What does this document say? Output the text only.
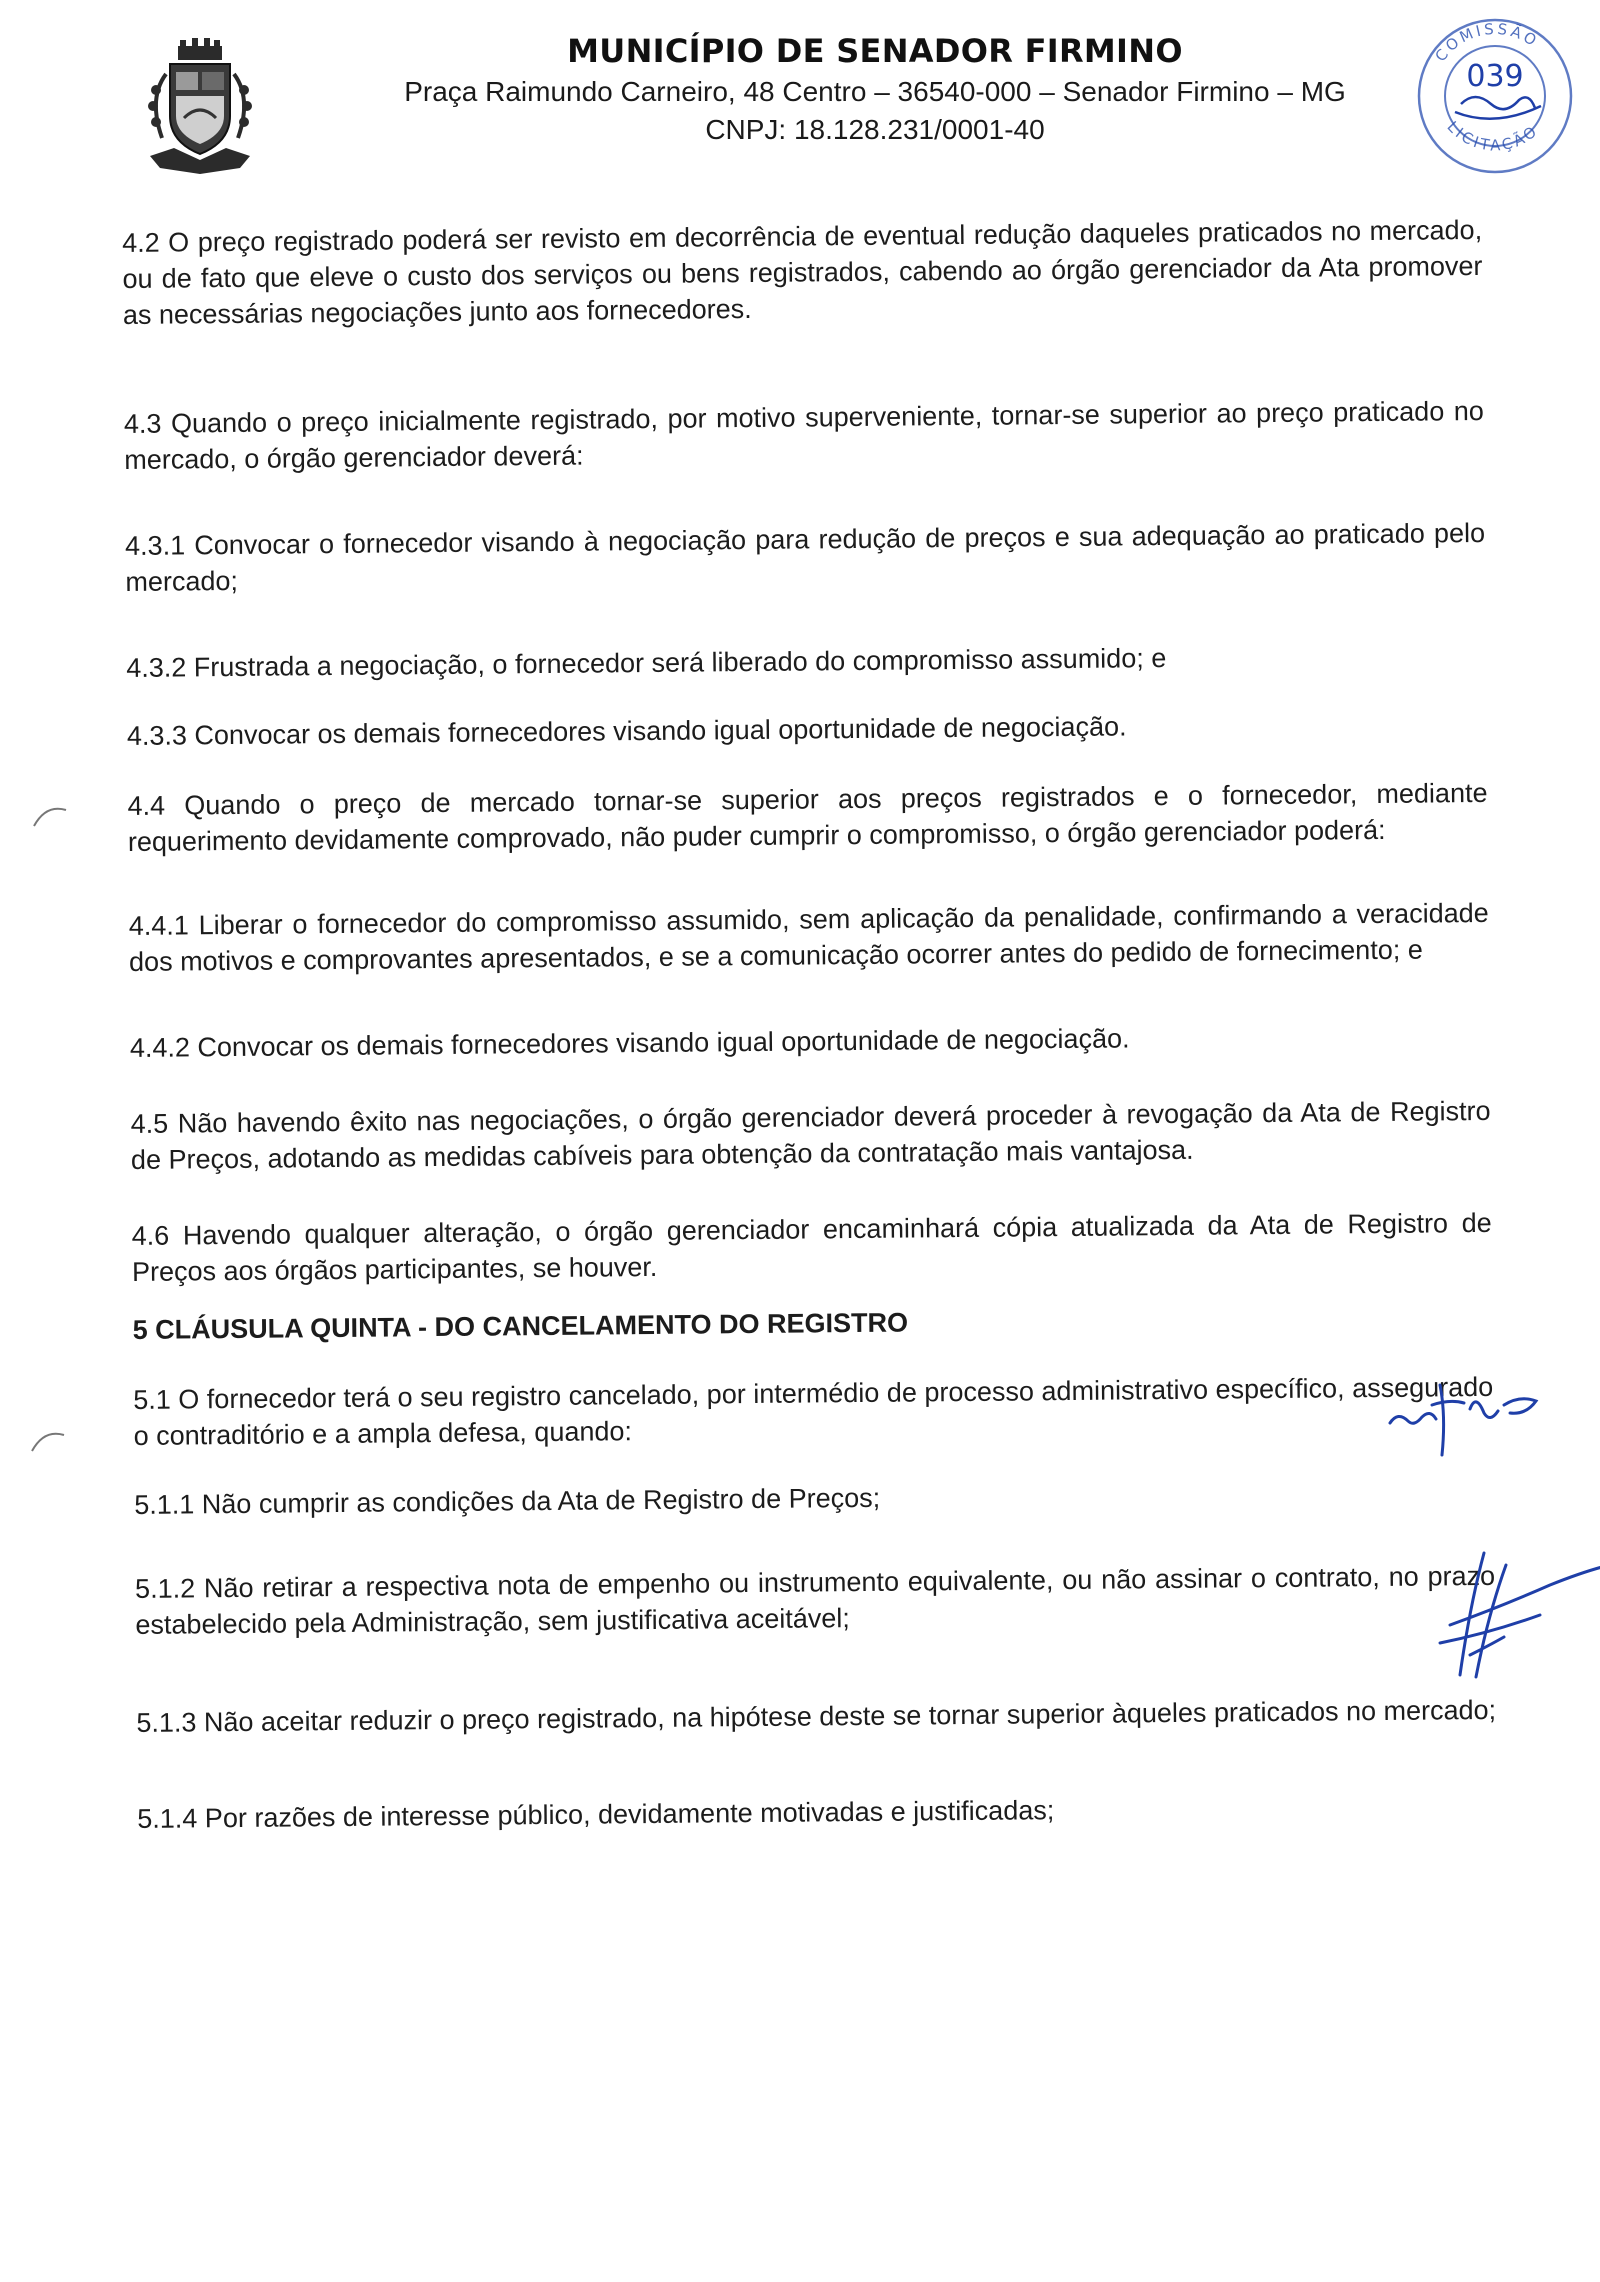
MUNICÍPIO DE SENADOR FIRMINO
Praça Raimundo Carneiro, 48 Centro – 36540-000 – Senador Firmino – MG
CNPJ: 18.128.231/0001-40
COMISSÃO
LICITAÇÃO
039

4.2 O preço registrado poderá ser revisto em decorrência de eventual redução daqueles praticados no mercado, ou de fato que eleve o custo dos serviços ou bens registrados, cabendo ao órgão gerenciador da Ata promover as necessárias negociações junto aos fornecedores.

4.3 Quando o preço inicialmente registrado, por motivo superveniente, tornar-se superior ao preço praticado no mercado, o órgão gerenciador deverá:

4.3.1 Convocar o fornecedor visando à negociação para redução de preços e sua adequação ao praticado pelo mercado;

4.3.2 Frustrada a negociação, o fornecedor será liberado do compromisso assumido; e

4.3.3 Convocar os demais fornecedores visando igual oportunidade de negociação.

4.4 Quando o preço de mercado tornar-se superior aos preços registrados e o fornecedor, mediante requerimento devidamente comprovado, não puder cumprir o compromisso, o órgão gerenciador poderá:

4.4.1 Liberar o fornecedor do compromisso assumido, sem aplicação da penalidade, confirmando a veracidade dos motivos e comprovantes apresentados, e se a comunicação ocorrer antes do pedido de fornecimento; e

4.4.2 Convocar os demais fornecedores visando igual oportunidade de negociação.

4.5 Não havendo êxito nas negociações, o órgão gerenciador deverá proceder à revogação da Ata de Registro de Preços, adotando as medidas cabíveis para obtenção da contratação mais vantajosa.

4.6 Havendo qualquer alteração, o órgão gerenciador encaminhará cópia atualizada da Ata de Registro de Preços aos órgãos participantes, se houver.

5 CLÁUSULA QUINTA - DO CANCELAMENTO DO REGISTRO

5.1 O fornecedor terá o seu registro cancelado, por intermédio de processo administrativo específico, assegurado o contraditório e a ampla defesa, quando:

5.1.1 Não cumprir as condições da Ata de Registro de Preços;

5.1.2 Não retirar a respectiva nota de empenho ou instrumento equivalente, ou não assinar o contrato, no prazo estabelecido pela Administração, sem justificativa aceitável;

5.1.3 Não aceitar reduzir o preço registrado, na hipótese deste se tornar superior àqueles praticados no mercado;

5.1.4 Por razões de interesse público, devidamente motivadas e justificadas;
